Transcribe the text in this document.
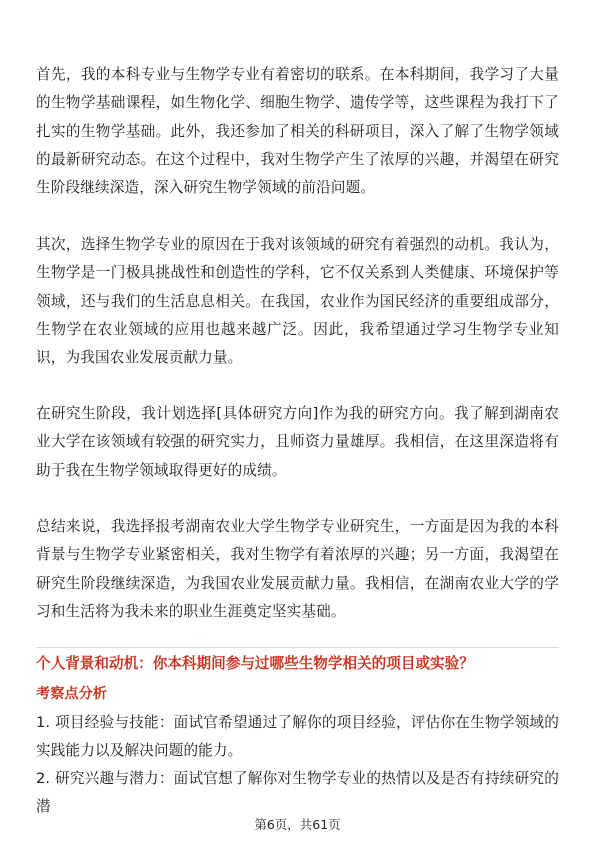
首先，我的本科专业与生物学专业有着密切的联系。在本科期间，我学习了大量的生物学基础课程，如生物化学、细胞生物学、遗传学等，这些课程为我打下了扎实的生物学基础。此外，我还参加了相关的科研项目，深入了解了生物学领域的最新研究动态。在这个过程中，我对生物学产生了浓厚的兴趣，并渴望在研究生阶段继续深造，深入研究生物学领域的前沿问题。

其次，选择生物学专业的原因在于我对该领域的研究有着强烈的动机。我认为，生物学是一门极具挑战性和创造性的学科，它不仅关系到人类健康、环境保护等领域，还与我们的生活息息相关。在我国，农业作为国民经济的重要组成部分，生物学在农业领域的应用也越来越广泛。因此，我希望通过学习生物学专业知识，为我国农业发展贡献力量。

在研究生阶段，我计划选择[具体研究方向]作为我的研究方向。我了解到湖南农业大学在该领域有较强的研究实力，且师资力量雄厚。我相信，在这里深造将有助于我在生物学领域取得更好的成绩。

总结来说，我选择报考湖南农业大学生物学专业研究生，一方面是因为我的本科背景与生物学专业紧密相关，我对生物学有着浓厚的兴趣；另一方面，我渴望在研究生阶段继续深造，为我国农业发展贡献力量。我相信，在湖南农业大学的学习和生活将为我未来的职业生涯奠定坚实基础。

个人背景和动机：你本科期间参与过哪些生物学相关的项目或实验？

考察点分析

1. 项目经验与技能：面试官希望通过了解你的项目经验，评估你在生物学领域的实践能力以及解决问题的能力。

2. 研究兴趣与潜力：面试官想了解你对生物学专业的热情以及是否有持续研究的潜

第6页，共61页
